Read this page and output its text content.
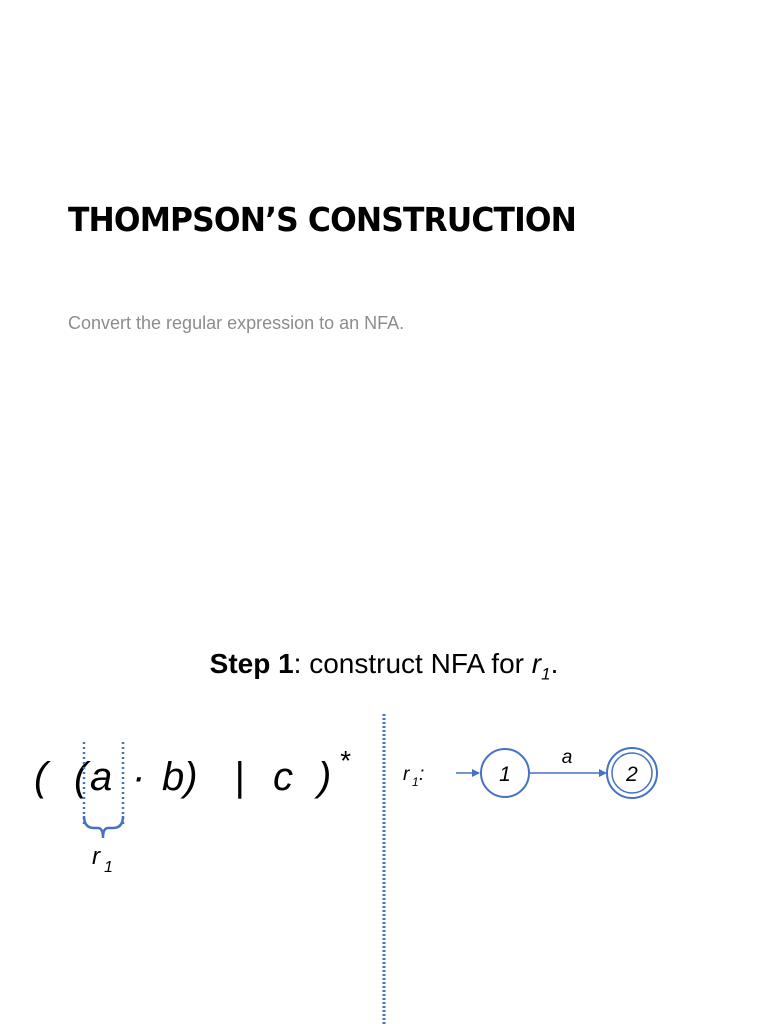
THOMPSON’S CONSTRUCTION
Convert the regular expression to an NFA.
Step 1: construct NFA for $r_1$.
( ( a · b) | c ) *
r 1
r 1 :	1
a
2
